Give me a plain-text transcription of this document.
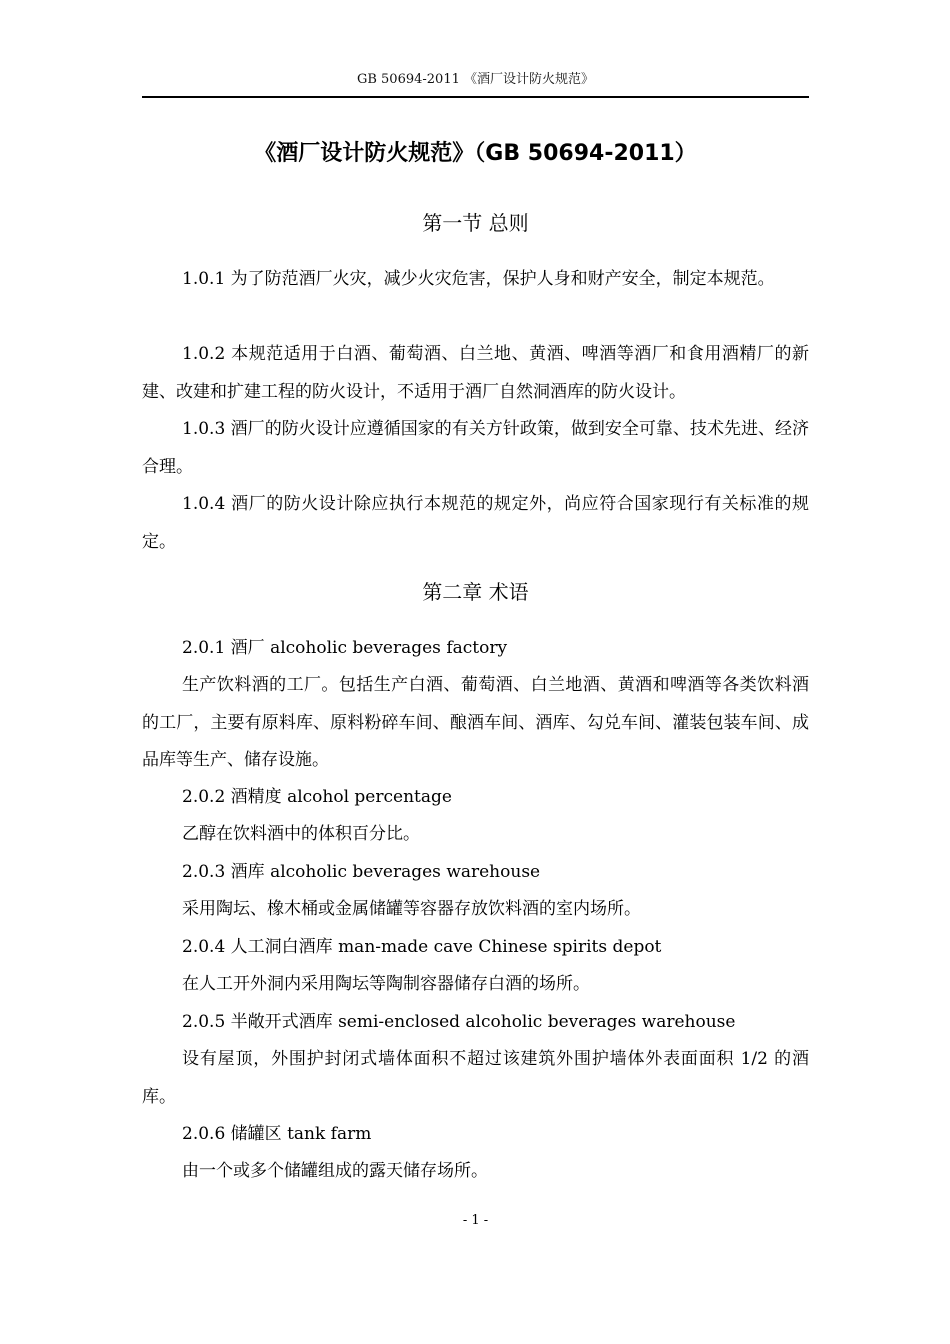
GB 50694-2011 《酒厂设计防火规范》
《酒厂设计防火规范》（GB 50694-2011）
第一节 总则

1.0.1 为了防范酒厂火灾，减少火灾危害，保护人身和财产安全，制定本规范。

1.0.2 本规范适用于白酒、葡萄酒、白兰地、黄酒、啤酒等酒厂和食用酒精厂的新建、改建和扩建工程的防火设计，不适用于酒厂自然洞酒库的防火设计。

1.0.3 酒厂的防火设计应遵循国家的有关方针政策，做到安全可靠、技术先进、经济合理。

1.0.4 酒厂的防火设计除应执行本规范的规定外，尚应符合国家现行有关标准的规定。

第二章 术语

2.0.1 酒厂 alcoholic beverages factory

生产饮料酒的工厂。包括生产白酒、葡萄酒、白兰地酒、黄酒和啤酒等各类饮料酒的工厂，主要有原料库、原料粉碎车间、酿酒车间、酒库、勾兑车间、灌装包装车间、成品库等生产、储存设施。

2.0.2 酒精度 alcohol percentage

乙醇在饮料酒中的体积百分比。

2.0.3 酒库 alcoholic beverages warehouse

采用陶坛、橡木桶或金属储罐等容器存放饮料酒的室内场所。

2.0.4 人工洞白酒库 man-made cave Chinese spirits depot

在人工开外洞内采用陶坛等陶制容器储存白酒的场所。

2.0.5 半敞开式酒库 semi-enclosed alcoholic beverages warehouse

设有屋顶，外围护封闭式墙体面积不超过该建筑外围护墙体外表面面积 1/2 的酒库。

2.0.6 储罐区 tank farm

由一个或多个储罐组成的露天储存场所。

- 1 -
